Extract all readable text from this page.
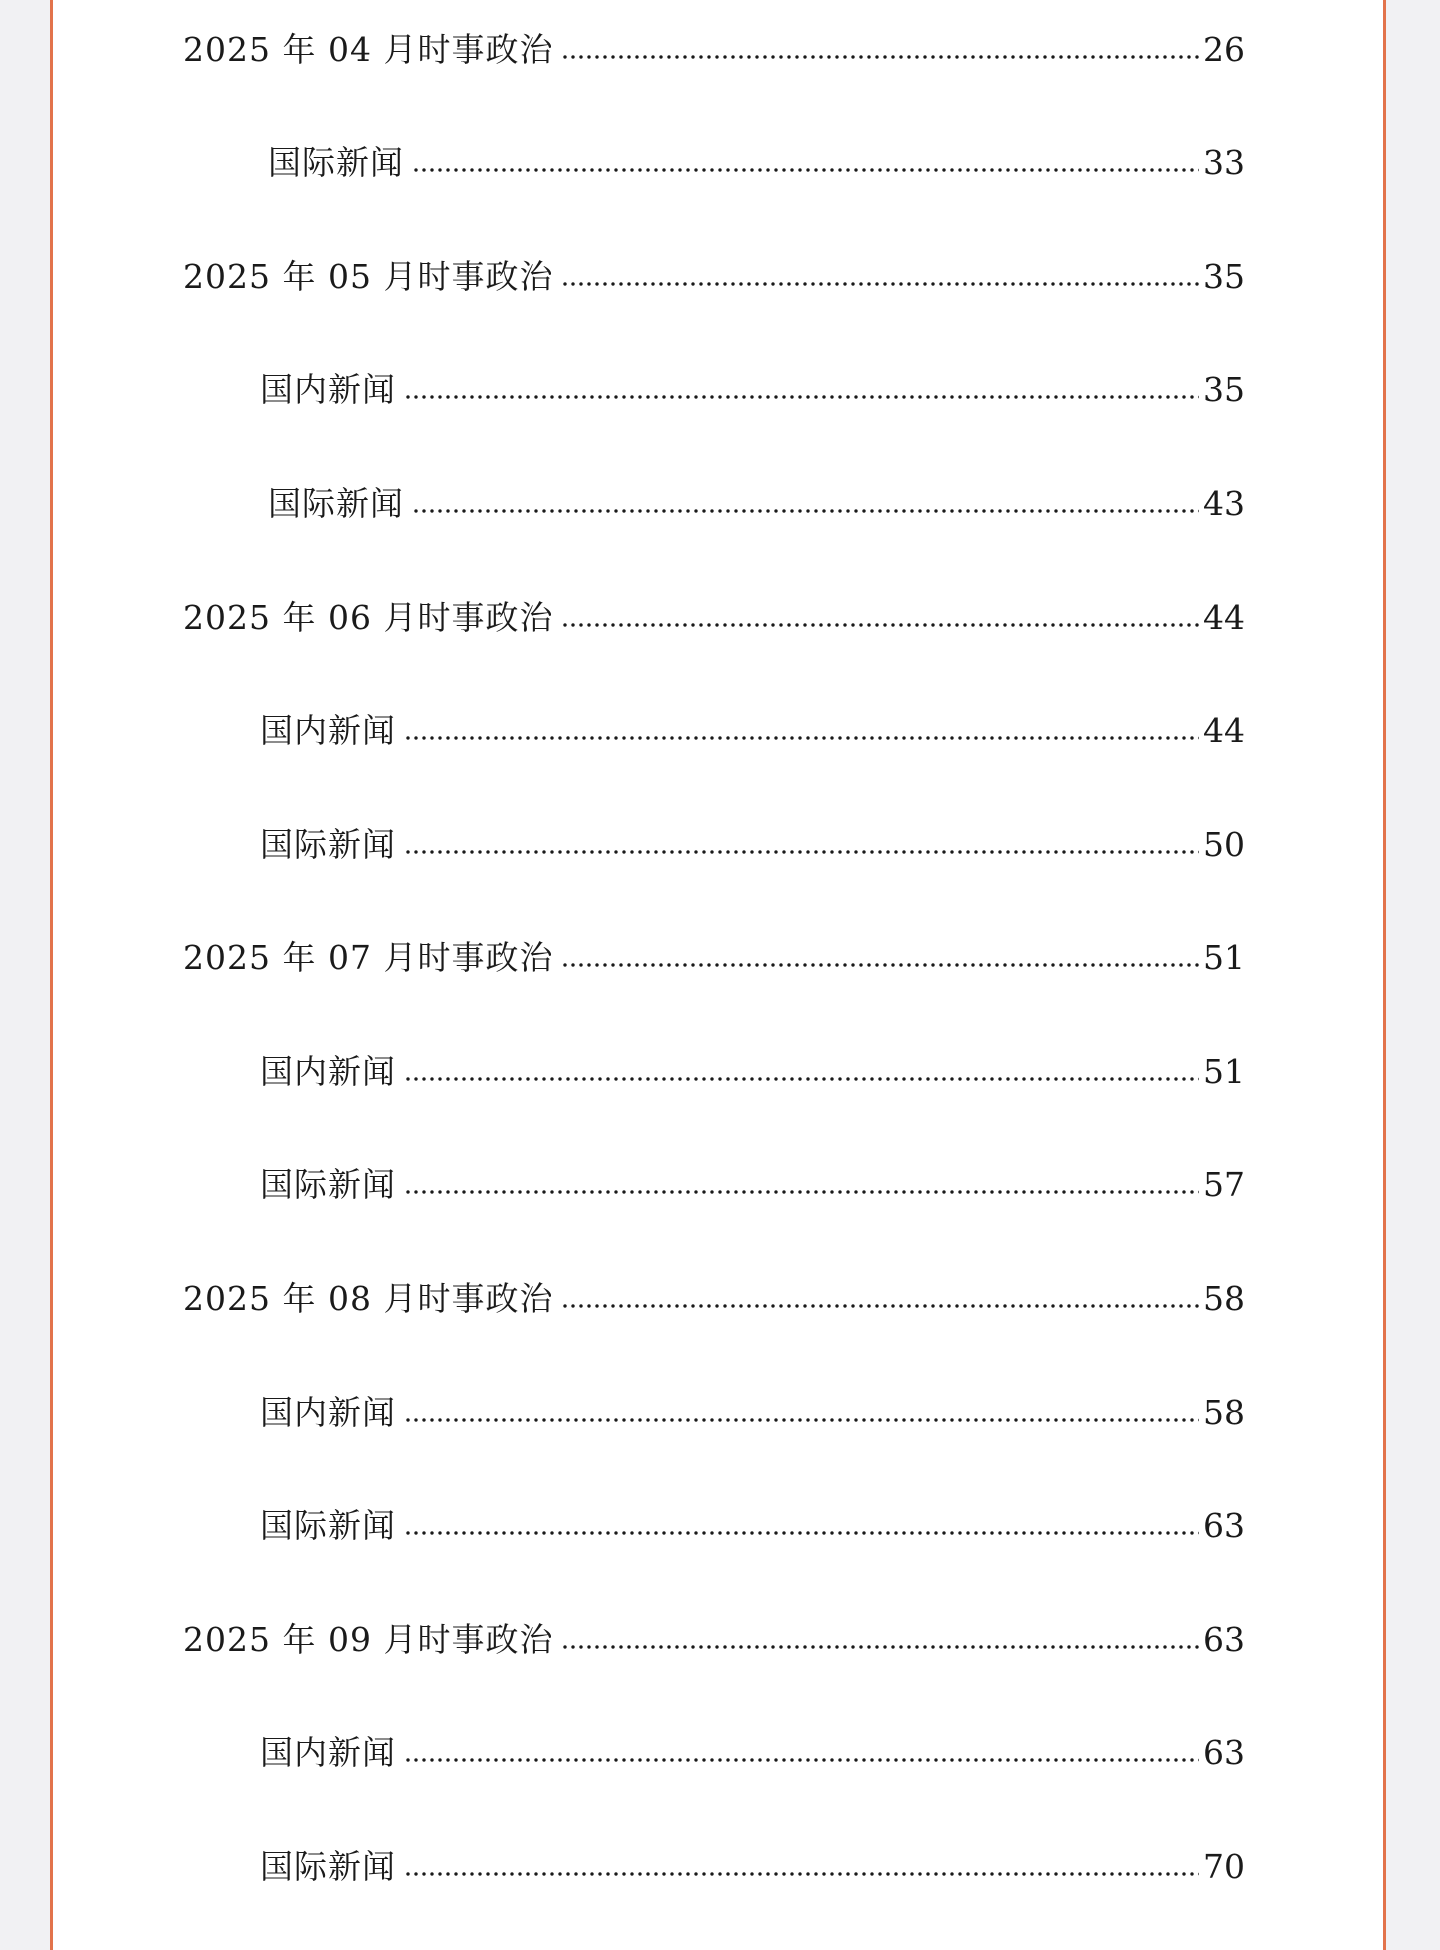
2025 年 04 月时事政治	26
国际新闻	33
2025 年 05 月时事政治	35
国内新闻	35
国际新闻	43
2025 年 06 月时事政治	44
国内新闻	44
国际新闻	50
2025 年 07 月时事政治	51
国内新闻	51
国际新闻	57
2025 年 08 月时事政治	58
国内新闻	58
国际新闻	63
2025 年 09 月时事政治	63
国内新闻	63
国际新闻	70
